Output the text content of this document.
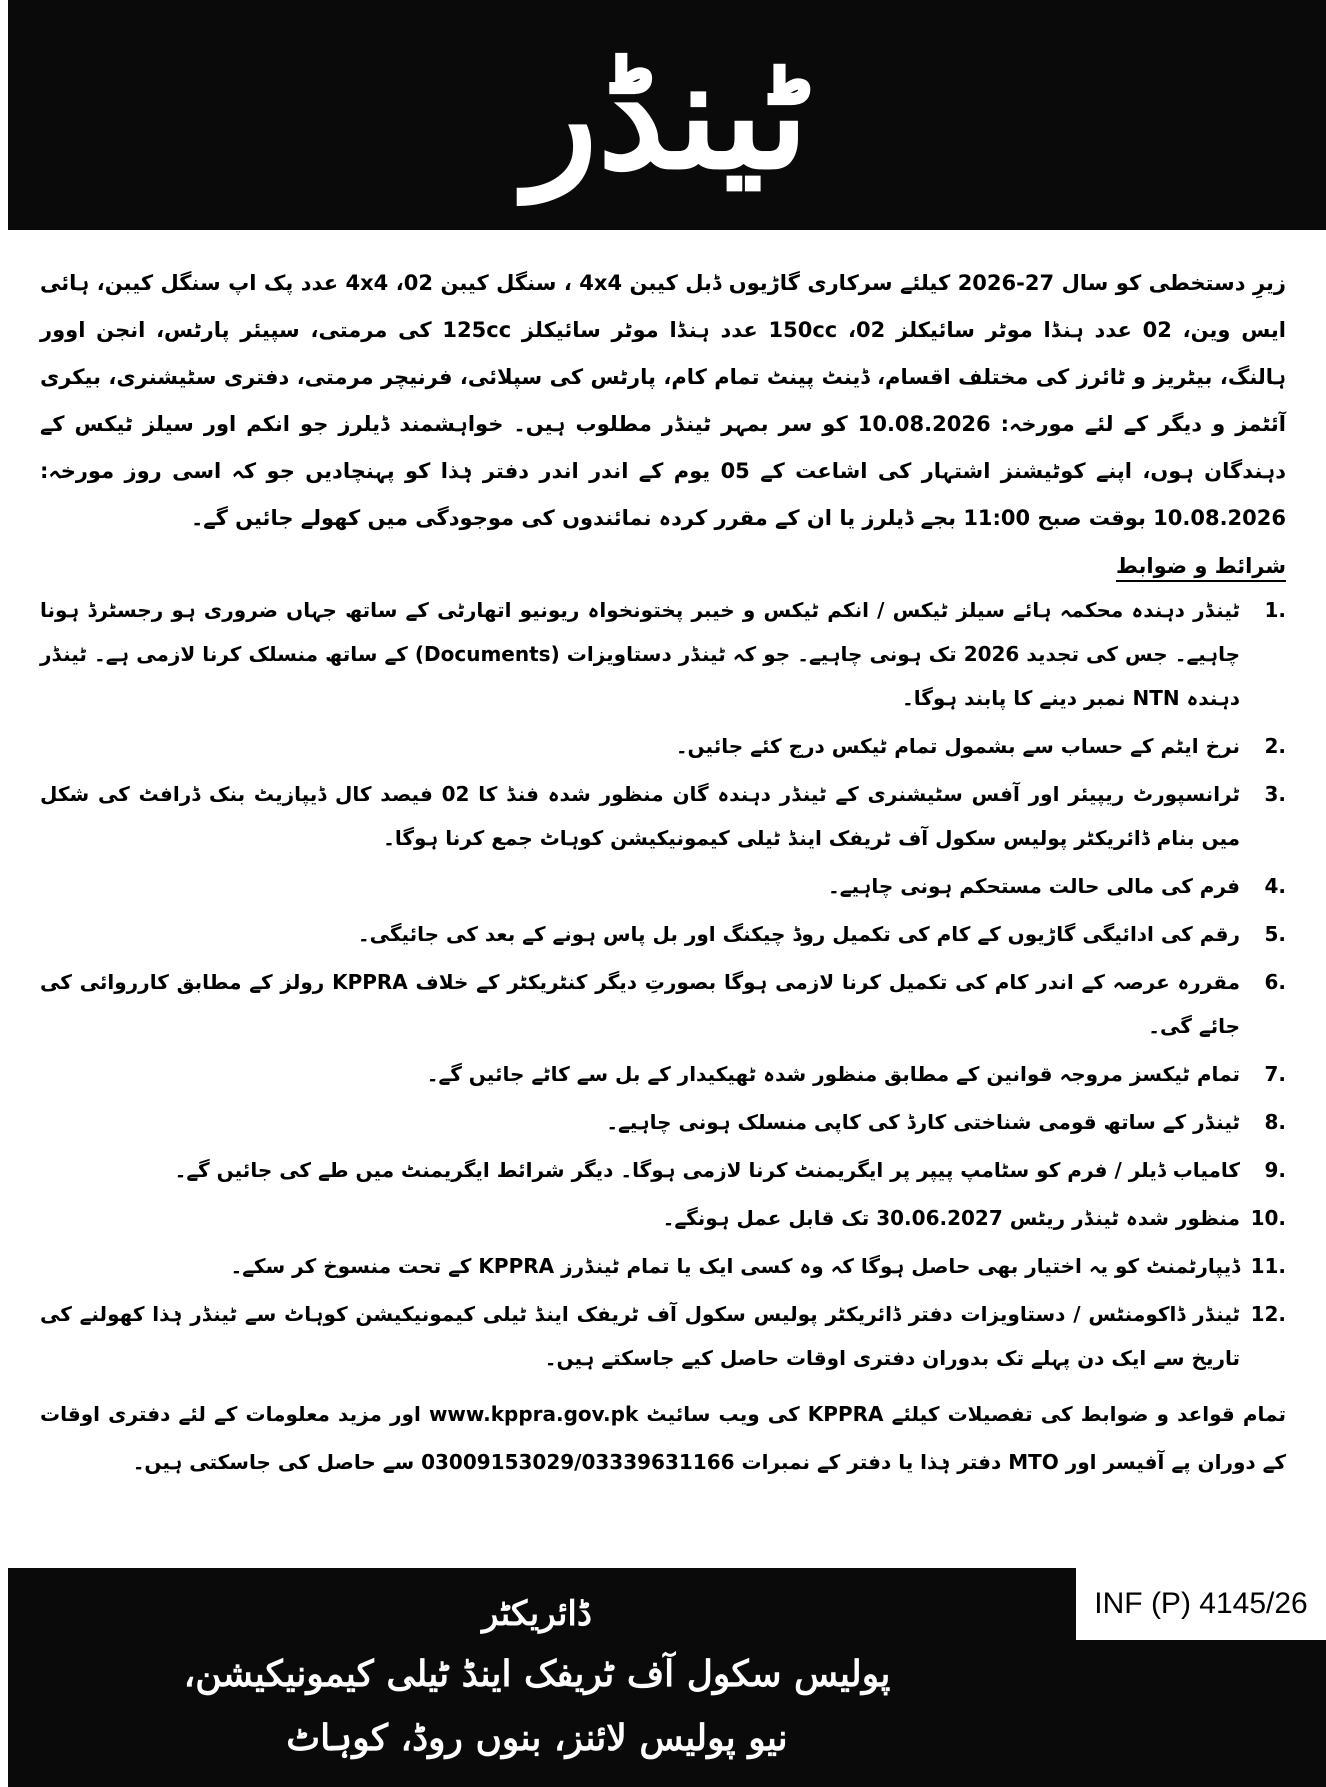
ٹینڈر
زیرِ دستخطی کو سال 27-2026 کیلئے سرکاری گاڑیوں ڈبل کیبن 4x4 ، سنگل کیبن 4x4 ،02 عدد پک اپ سنگل کیبن، ہائی ایس وین، 02 عدد ہنڈا موٹر سائیکلز 150cc ،02 عدد ہنڈا موٹر سائیکلز 125cc کی مرمتی، سپیئر پارٹس، انجن اوور ہالنگ، بیٹریز و ٹائرز کی مختلف اقسام، ڈینٹ پینٹ تمام کام، پارٹس کی سپلائی، فرنیچر مرمتی، دفتری سٹیشنری، بیکری آئٹمز و دیگر کے لئے مورخہ: 10.08.2026 کو سر بمہر ٹینڈر مطلوب ہیں۔ خواہشمند ڈیلرز جو انکم اور سیلز ٹیکس کے دہندگان ہوں، اپنے کوٹیشنز اشتہار کی اشاعت کے 05 یوم کے اندر اندر دفتر ہٰذا کو پہنچادیں جو کہ اسی روز مورخہ: 10.08.2026 بوقت صبح 11:00 بجے ڈیلرز یا ان کے مقرر کردہ نمائندوں کی موجودگی میں کھولے جائیں گے۔
شرائط و ضوابط
1.
ٹینڈر دہندہ محکمہ ہائے سیلز ٹیکس / انکم ٹیکس و خیبر پختونخواہ ریونیو اتھارٹی کے ساتھ جہاں ضروری ہو رجسٹرڈ ہونا چاہیے۔ جس کی تجدید 2026 تک ہونی چاہیے۔ جو کہ ٹینڈر دستاویزات (Documents) کے ساتھ منسلک کرنا لازمی ہے۔ ٹینڈر دہندہ NTN نمبر دینے کا پابند ہوگا۔
2.
نرخ ایٹم کے حساب سے بشمول تمام ٹیکس درج کئے جائیں۔
3.
ٹرانسپورٹ ریپیئر اور آفس سٹیشنری کے ٹینڈر دہندہ گان منظور شدہ فنڈ کا 02 فیصد کال ڈیپازیٹ بنک ڈرافٹ کی شکل میں بنام ڈائریکٹر پولیس سکول آف ٹریفک اینڈ ٹیلی کیمونیکیشن کوہاٹ جمع کرنا ہوگا۔
4.
فرم کی مالی حالت مستحکم ہونی چاہیے۔
5.
رقم کی ادائیگی گاڑیوں کے کام کی تکمیل روڈ چیکنگ اور بل پاس ہونے کے بعد کی جائیگی۔
6.
مقررہ عرصہ کے اندر کام کی تکمیل کرنا لازمی ہوگا بصورتِ دیگر کنٹریکٹر کے خلاف KPPRA رولز کے مطابق کارروائی کی جائے گی۔
7.
تمام ٹیکسز مروجہ قوانین کے مطابق منظور شدہ ٹھیکیدار کے بل سے کاٹے جائیں گے۔
8.
ٹینڈر کے ساتھ قومی شناختی کارڈ کی کاپی منسلک ہونی چاہیے۔
9.
کامیاب ڈیلر / فرم کو سٹامپ پیپر پر ایگریمنٹ کرنا لازمی ہوگا۔ دیگر شرائط ایگریمنٹ میں طے کی جائیں گے۔
10.
منظور شدہ ٹینڈر ریٹس 30.06.2027 تک قابل عمل ہونگے۔
11.
ڈیپارٹمنٹ کو یہ اختیار بھی حاصل ہوگا کہ وہ کسی ایک یا تمام ٹینڈرز KPPRA کے تحت منسوخ کر سکے۔
12.
ٹینڈر ڈاکومنٹس / دستاویزات دفتر ڈائریکٹر پولیس سکول آف ٹریفک اینڈ ٹیلی کیمونیکیشن کوہاٹ سے ٹینڈر ہٰذا کھولنے کی تاریخ سے ایک دن پہلے تک بدوران دفتری اوقات حاصل کیے جاسکتے ہیں۔
تمام قواعد و ضوابط کی تفصیلات کیلئے KPPRA کی ویب سائیٹ www.kppra.gov.pk اور مزید معلومات کے لئے دفتری اوقات کے دوران پے آفیسر اور MTO دفتر ہٰذا یا دفتر کے نمبرات 03009153029/03339631166 سے حاصل کی جاسکتی ہیں۔
INF (P) 4145/26
ڈائریکٹر
پولیس سکول آف ٹریفک اینڈ ٹیلی کیمونیکیشن،
نیو پولیس لائنز، بنوں روڈ، کوہاٹ
